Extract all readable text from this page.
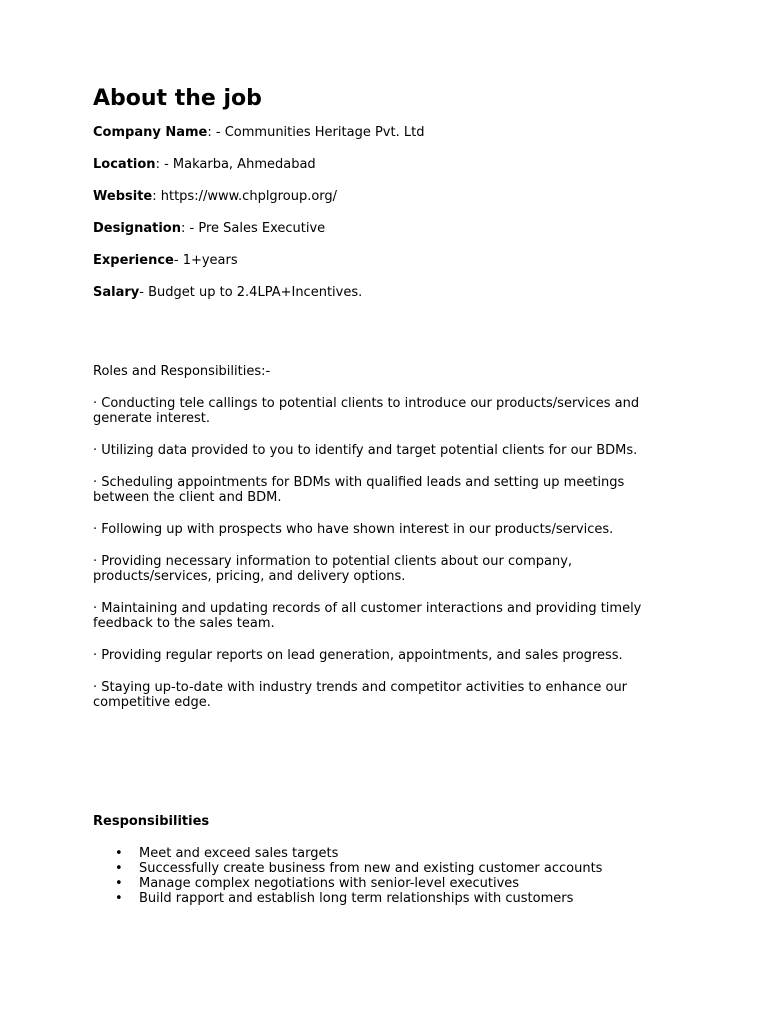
About the job

Company Name: - Communities Heritage Pvt. Ltd

Location: - Makarba, Ahmedabad

Website: https://www.chplgroup.org/

Designation: - Pre Sales Executive

Experience- 1+years

Salary- Budget up to 2.4LPA+Incentives.

Roles and Responsibilities:-

· Conducting tele callings to potential clients to introduce our products/services and generate interest.

· Utilizing data provided to you to identify and target potential clients for our BDMs.

· Scheduling appointments for BDMs with qualified leads and setting up meetings between the client and BDM.

· Following up with prospects who have shown interest in our products/services.

· Providing necessary information to potential clients about our company, products/services, pricing, and delivery options.

· Maintaining and updating records of all customer interactions and providing timely feedback to the sales team.

· Providing regular reports on lead generation, appointments, and sales progress.

· Staying up-to-date with industry trends and competitor activities to enhance our competitive edge.

Responsibilities

• Meet and exceed sales targets
• Successfully create business from new and existing customer accounts
• Manage complex negotiations with senior-level executives
• Build rapport and establish long term relationships with customers
